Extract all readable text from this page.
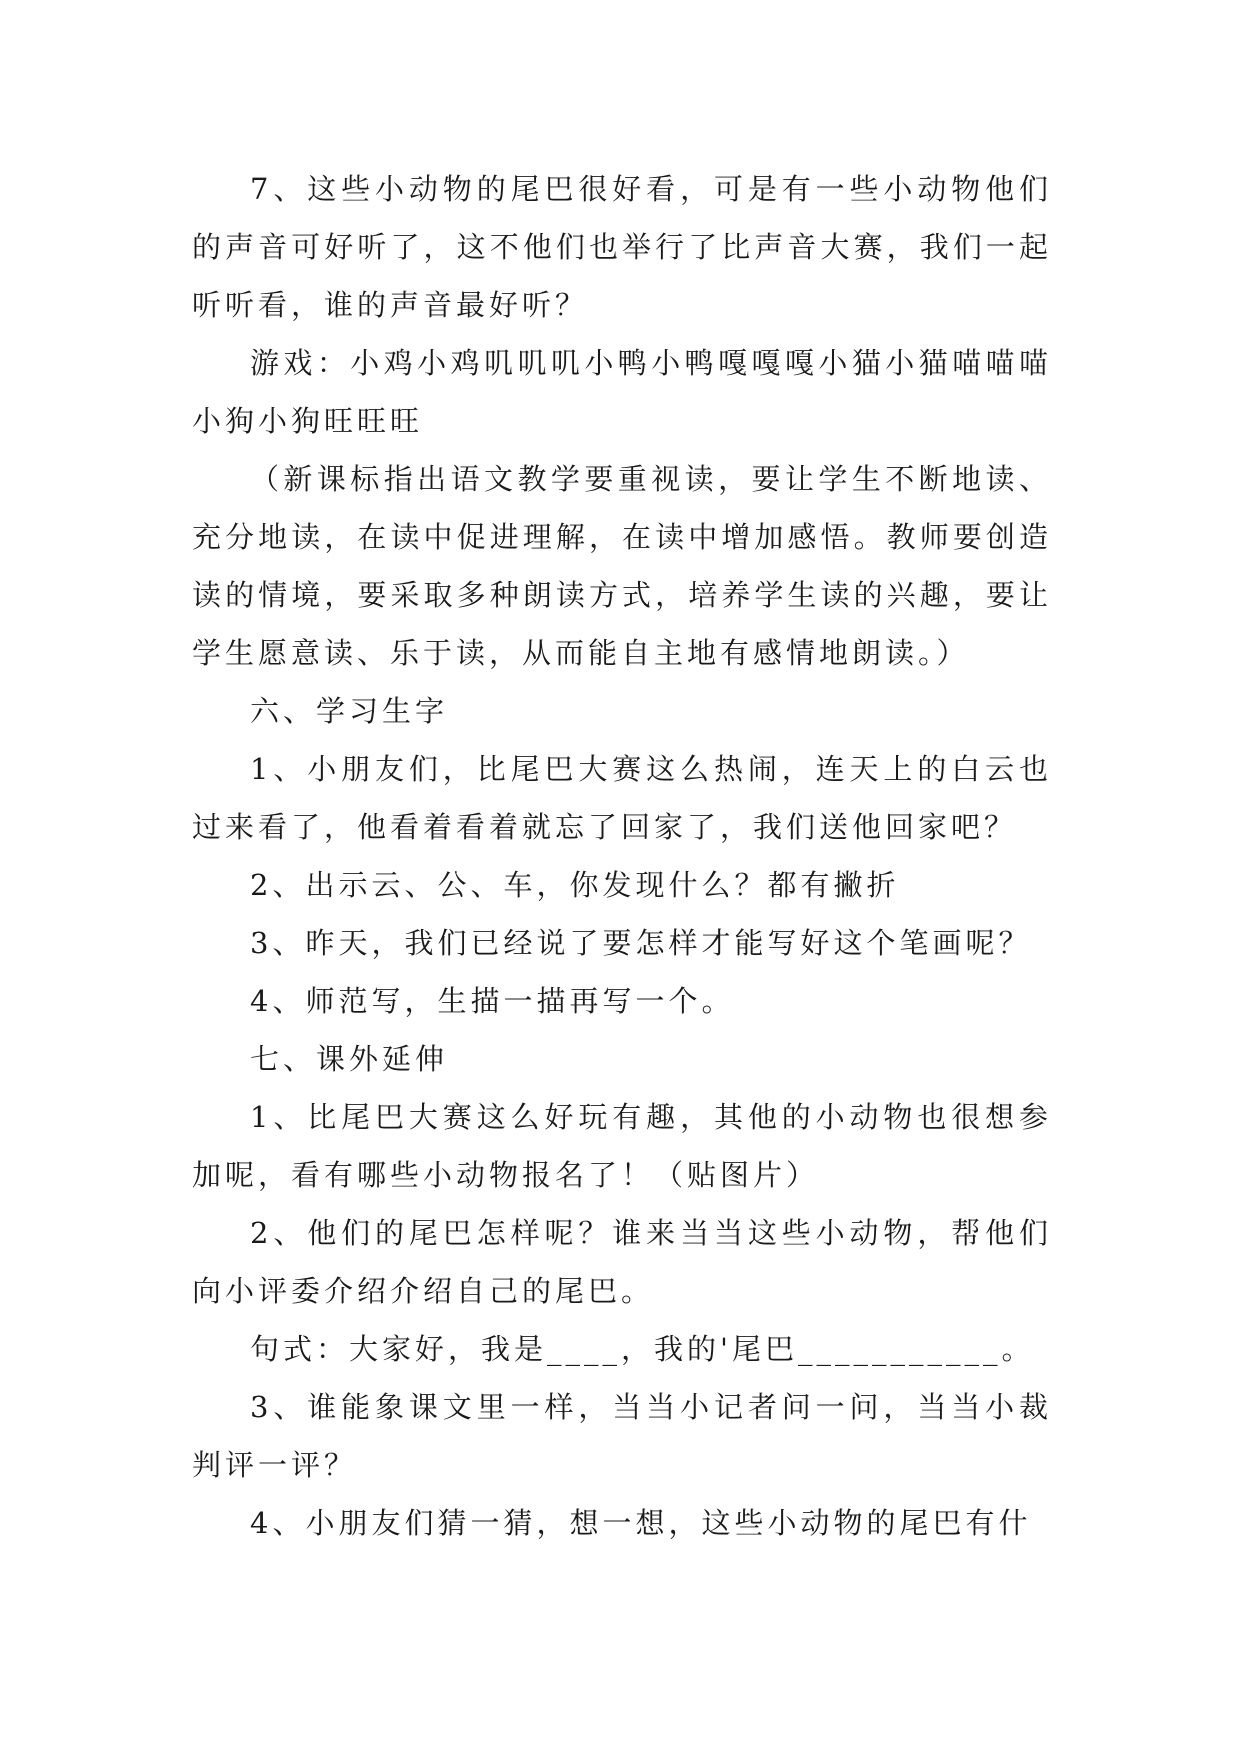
7、这些小动物的尾巴很好看，可是有一些小动物他们的声音可好听了，这不他们也举行了比声音大赛，我们一起听听看，谁的声音最好听？

游戏：小鸡小鸡叽叽叽小鸭小鸭嘎嘎嘎小猫小猫喵喵喵小狗小狗旺旺旺

（新课标指出语文教学要重视读，要让学生不断地读、充分地读，在读中促进理解，在读中增加感悟。教师要创造读的情境，要采取多种朗读方式，培养学生读的兴趣，要让学生愿意读、乐于读，从而能自主地有感情地朗读。）

六、学习生字

1、小朋友们，比尾巴大赛这么热闹，连天上的白云也过来看了，他看着看着就忘了回家了，我们送他回家吧？

2、出示云、公、车，你发现什么？都有撇折

3、昨天，我们已经说了要怎样才能写好这个笔画呢？

4、师范写，生描一描再写一个。

七、课外延伸

1、比尾巴大赛这么好玩有趣，其他的小动物也很想参加呢，看有哪些小动物报名了！（贴图片）

2、他们的尾巴怎样呢？谁来当当这些小动物，帮他们向小评委介绍介绍自己的尾巴。

句式：大家好，我是____，我的'尾巴___________。

3、谁能象课文里一样，当当小记者问一问，当当小裁判评一评？

4、小朋友们猜一猜，想一想，这些小动物的尾巴有什
